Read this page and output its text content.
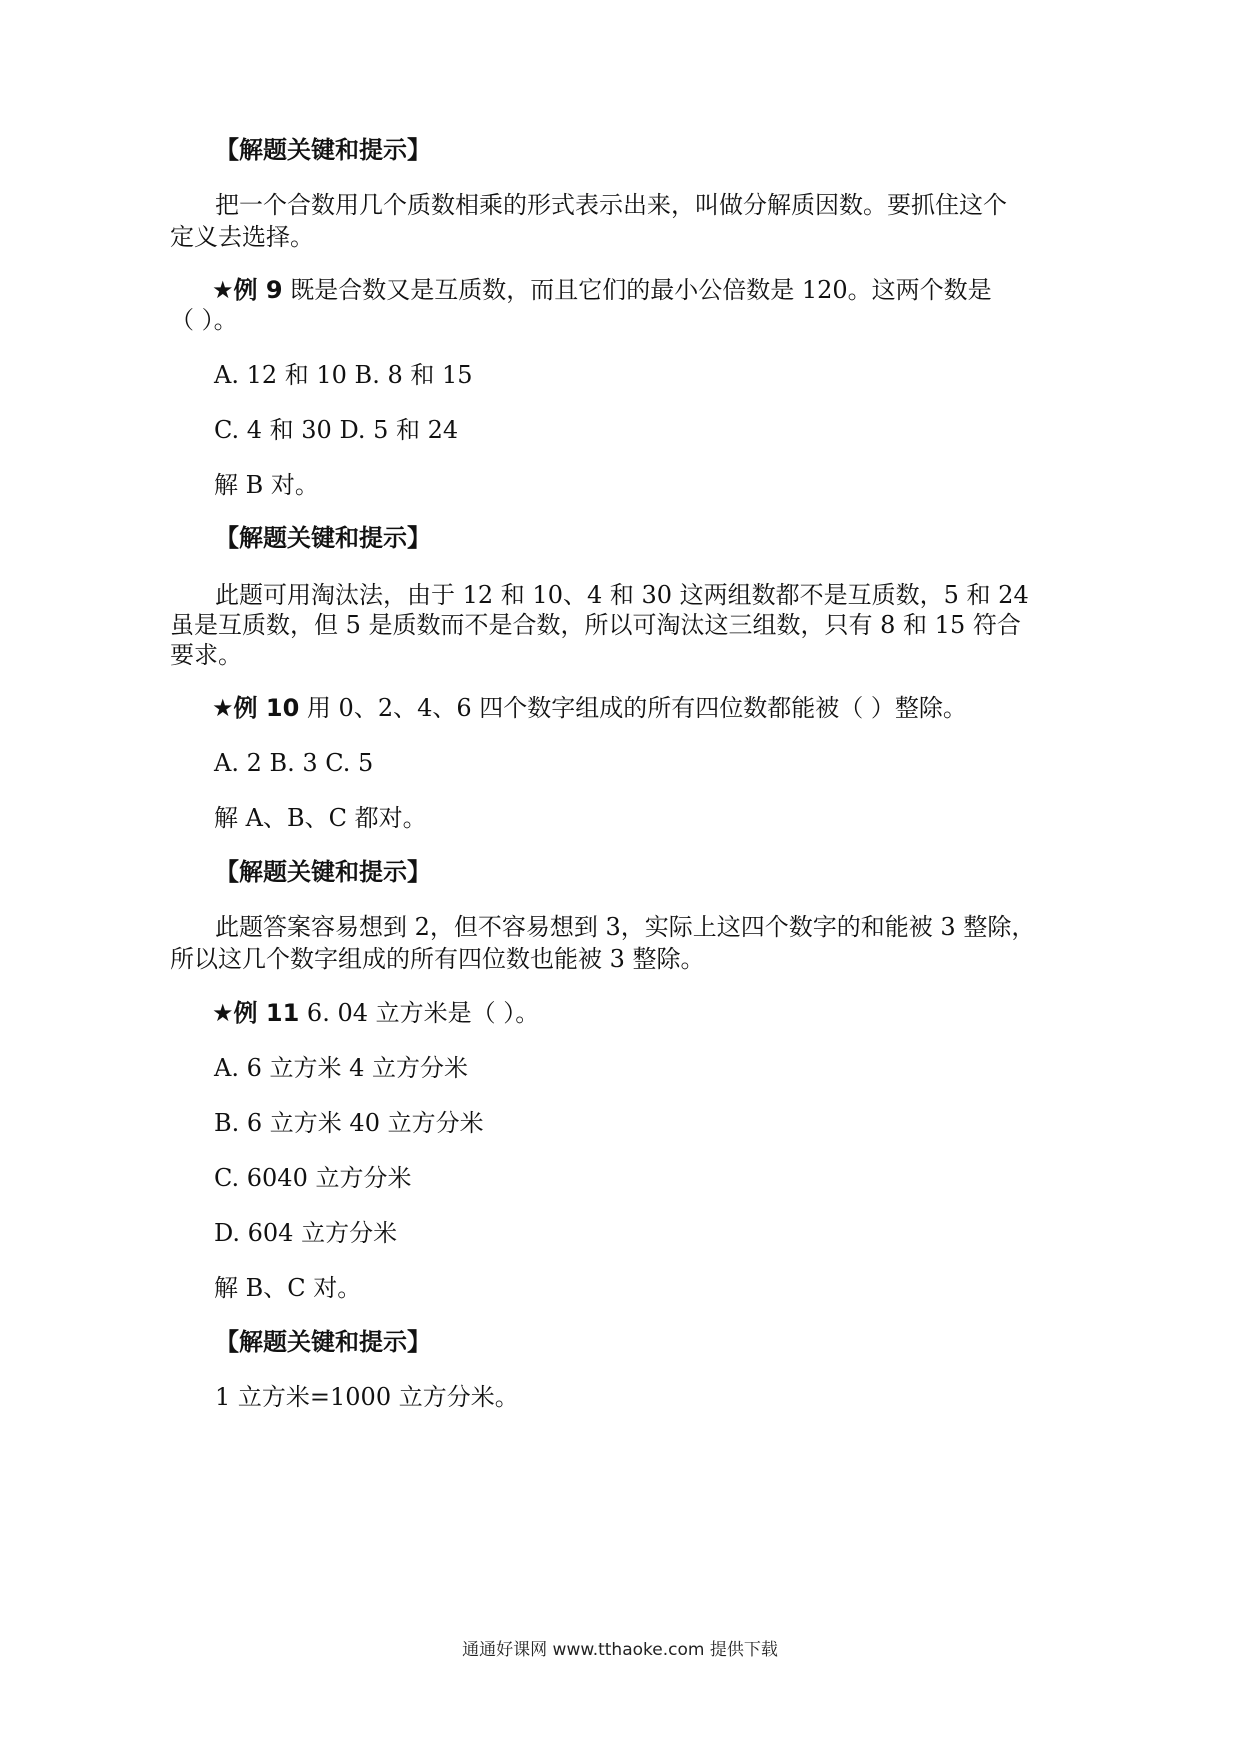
【解题关键和提示】
把一个合数用几个质数相乘的形式表示出来，叫做分解质因数。要抓住这个
定义去选择。
★例 9 既是合数又是互质数，而且它们的最小公倍数是 120。这两个数是
（ ）。
A. 12 和 10 B. 8 和 15
C. 4 和 30 D. 5 和 24
解 B 对。
【解题关键和提示】
此题可用淘汰法，由于 12 和 10、4 和 30 这两组数都不是互质数，5 和 24
虽是互质数，但 5 是质数而不是合数，所以可淘汰这三组数，只有 8 和 15 符合
要求。
★例 10 用 0、2、4、6 四个数字组成的所有四位数都能被（ ）整除。
A. 2 B. 3 C. 5
解 A、B、C 都对。
【解题关键和提示】
此题答案容易想到 2，但不容易想到 3，实际上这四个数字的和能被 3 整除，
所以这几个数字组成的所有四位数也能被 3 整除。
★例 11 6. 04 立方米是（ ）。
A. 6 立方米 4 立方分米
B. 6 立方米 40 立方分米
C. 6040 立方分米
D. 604 立方分米
解 B、C 对。
【解题关键和提示】
1 立方米=1000 立方分米。
通通好课网 www.tthaoke.com 提供下载
